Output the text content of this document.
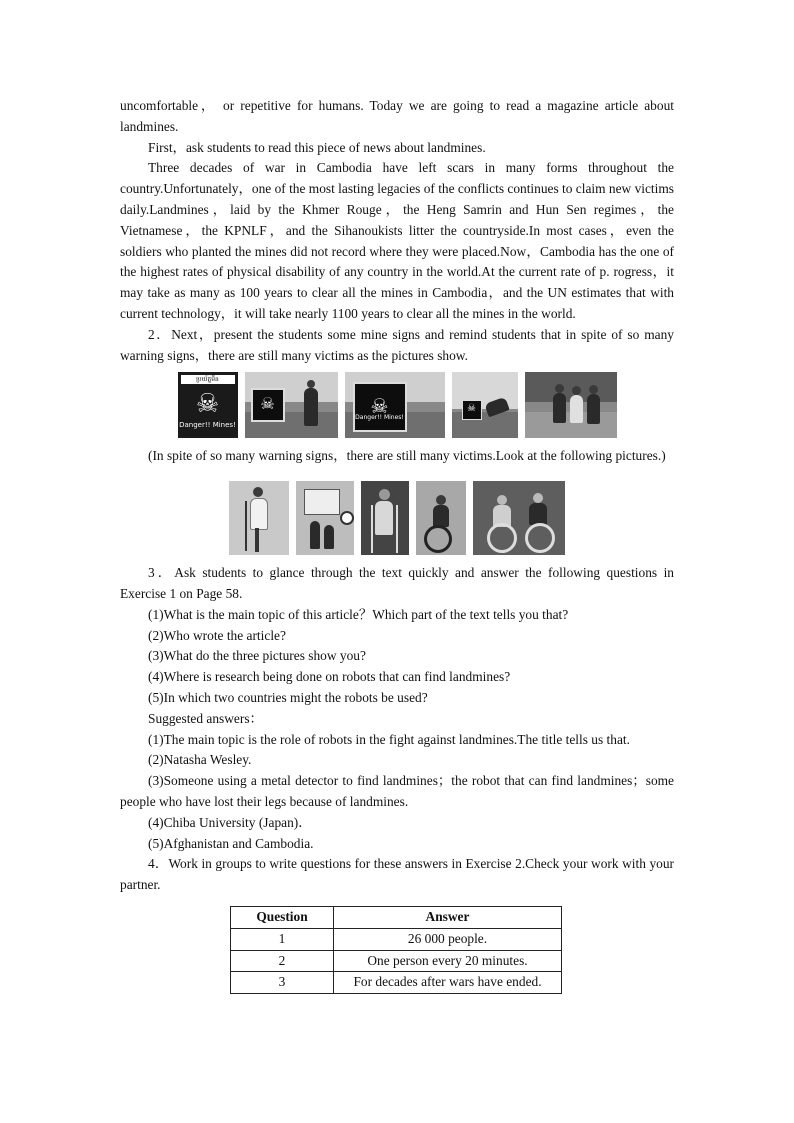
uncomfortable， or repetitive for humans. Today we are going to read a magazine article about landmines.

First，ask students to read this piece of news about landmines.

Three decades of war in Cambodia have left scars in many forms throughout the country.Unfortunately，one of the most lasting legacies of the conflicts continues to claim new victims daily.Landmines，laid by the Khmer Rouge，the Heng Samrin and Hun Sen regimes，the Vietnamese，the KPNLF，and the Sihanoukists litter the countryside.In most cases，even the soldiers who planted the mines did not record where they were placed.Now，Cambodia has the one of the highest rates of physical disability of any country in the world.At the current rate of p. rogress，it may take as many as 100 years to clear all the mines in Cambodia，and the UN estimates that with current technology，it will take nearly 1100 years to clear all the mines in the world.

2．Next，present the students some mine signs and remind students that in spite of so many warning signs，there are still many victims as the pictures show.

ប្រយ័ត្នមីន
☠
Danger!! Mines!
☠	☠
Danger!! Mines!
☠

(In spite of so many warning signs，there are still many victims.Look at the following pictures.)

3．Ask students to glance through the text quickly and answer the following questions in Exercise 1 on Page 58.

(1)What is the main topic of this article？Which part of the text tells you that?

(2)Who wrote the article?

(3)What do the three pictures show you?

(4)Where is research being done on robots that can find landmines?

(5)In which two countries might the robots be used?

Suggested answers：

(1)The main topic is the role of robots in the fight against landmines.The title tells us that.

(2)Natasha Wesley.

(3)Someone using a metal detector to find landmines；the robot that can find landmines；some people who have lost their legs because of landmines.

(4)Chiba University (Japan)．

(5)Afghanistan and Cambodia.

4．Work in groups to write questions for these answers in Exercise 2.Check your work with your partner.

Question	Answer
1	26 000 people.
2	One person every 20 minutes.
3	For decades after wars have ended.
